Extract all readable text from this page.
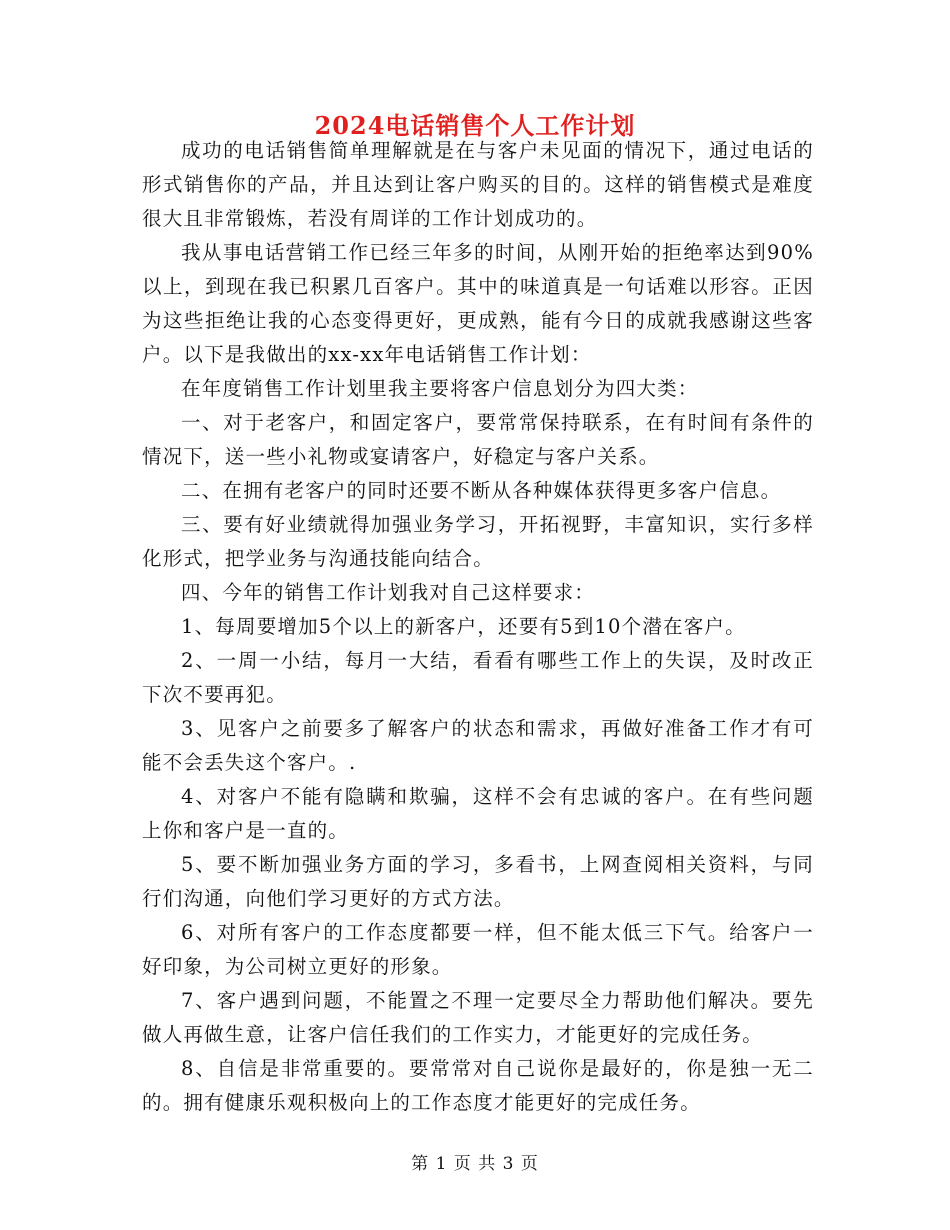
2024电话销售个人工作计划

成功的电话销售简单理解就是在与客户未见面的情况下，通过电话的形式销售你的产品，并且达到让客户购买的目的。这样的销售模式是难度很大且非常锻炼，若没有周详的工作计划成功的。

我从事电话营销工作已经三年多的时间，从刚开始的拒绝率达到90%以上，到现在我已积累几百客户。其中的味道真是一句话难以形容。正因为这些拒绝让我的心态变得更好，更成熟，能有今日的成就我感谢这些客户。以下是我做出的xx-xx年电话销售工作计划：

在年度销售工作计划里我主要将客户信息划分为四大类：

一、对于老客户，和固定客户，要常常保持联系，在有时间有条件的情况下，送一些小礼物或宴请客户，好稳定与客户关系。

二、在拥有老客户的同时还要不断从各种媒体获得更多客户信息。

三、要有好业绩就得加强业务学习，开拓视野，丰富知识，实行多样化形式，把学业务与沟通技能向结合。

四、今年的销售工作计划我对自己这样要求：

1、每周要增加5个以上的新客户，还要有5到10个潜在客户。

2、一周一小结，每月一大结，看看有哪些工作上的失误，及时改正下次不要再犯。

3、见客户之前要多了解客户的状态和需求，再做好准备工作才有可能不会丢失这个客户。.

4、对客户不能有隐瞒和欺骗，这样不会有忠诚的客户。在有些问题上你和客户是一直的。

5、要不断加强业务方面的学习，多看书，上网查阅相关资料，与同行们沟通，向他们学习更好的方式方法。

6、对所有客户的工作态度都要一样，但不能太低三下气。给客户一好印象，为公司树立更好的形象。

7、客户遇到问题，不能置之不理一定要尽全力帮助他们解决。要先做人再做生意，让客户信任我们的工作实力，才能更好的完成任务。

8、自信是非常重要的。要常常对自己说你是最好的，你是独一无二的。拥有健康乐观积极向上的工作态度才能更好的完成任务。

第 1 页 共 3 页
